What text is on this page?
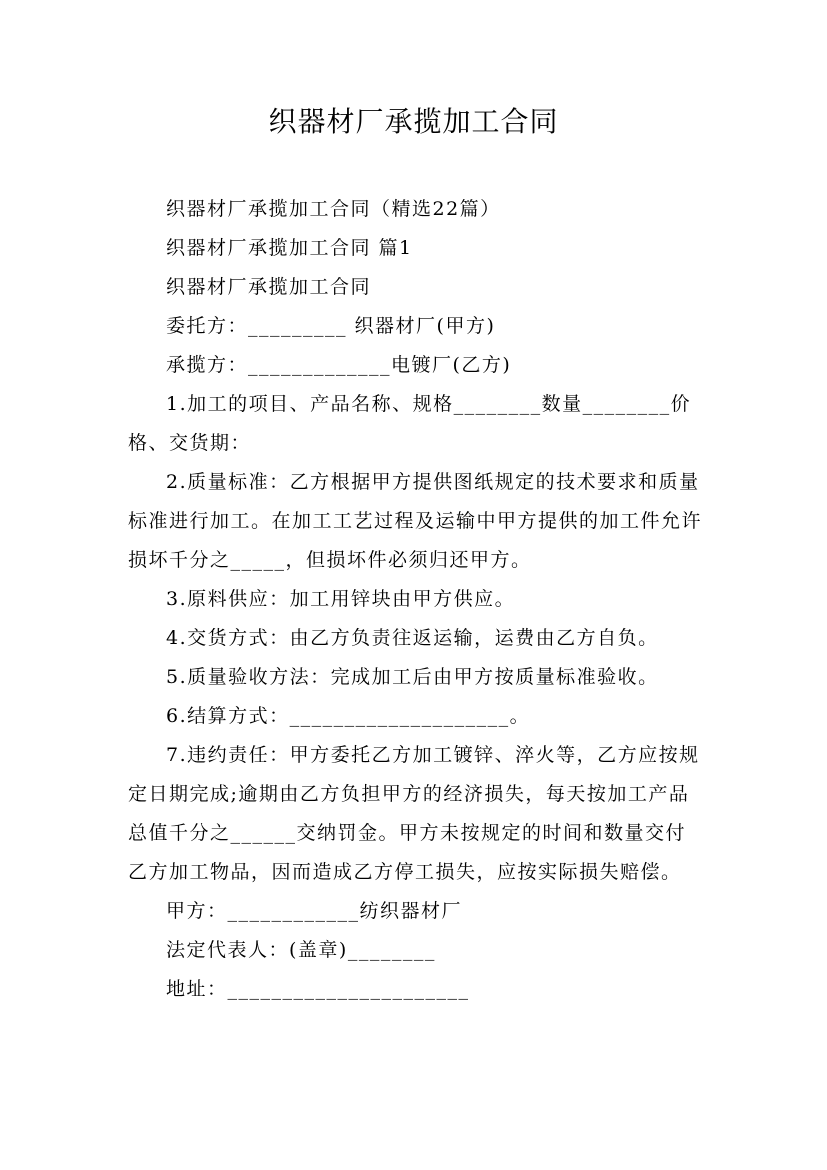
织器材厂承揽加工合同

织器材厂承揽加工合同（精选22篇）

织器材厂承揽加工合同 篇1

织器材厂承揽加工合同

委托方：_________ 织器材厂(甲方)

承揽方：_____________电镀厂(乙方)

1.加工的项目、产品名称、规格________数量________价格、交货期：

2.质量标准：乙方根据甲方提供图纸规定的技术要求和质量标准进行加工。在加工工艺过程及运输中甲方提供的加工件允许损坏千分之_____，但损坏件必须归还甲方。

3.原料供应：加工用锌块由甲方供应。

4.交货方式：由乙方负责往返运输，运费由乙方自负。

5.质量验收方法：完成加工后由甲方按质量标准验收。

6.结算方式：____________________。

7.违约责任：甲方委托乙方加工镀锌、淬火等，乙方应按规定日期完成;逾期由乙方负担甲方的经济损失，每天按加工产品总值千分之______交纳罚金。甲方未按规定的时间和数量交付乙方加工物品，因而造成乙方停工损失，应按实际损失赔偿。

甲方：____________纺织器材厂

法定代表人：(盖章)________

地址：______________________
